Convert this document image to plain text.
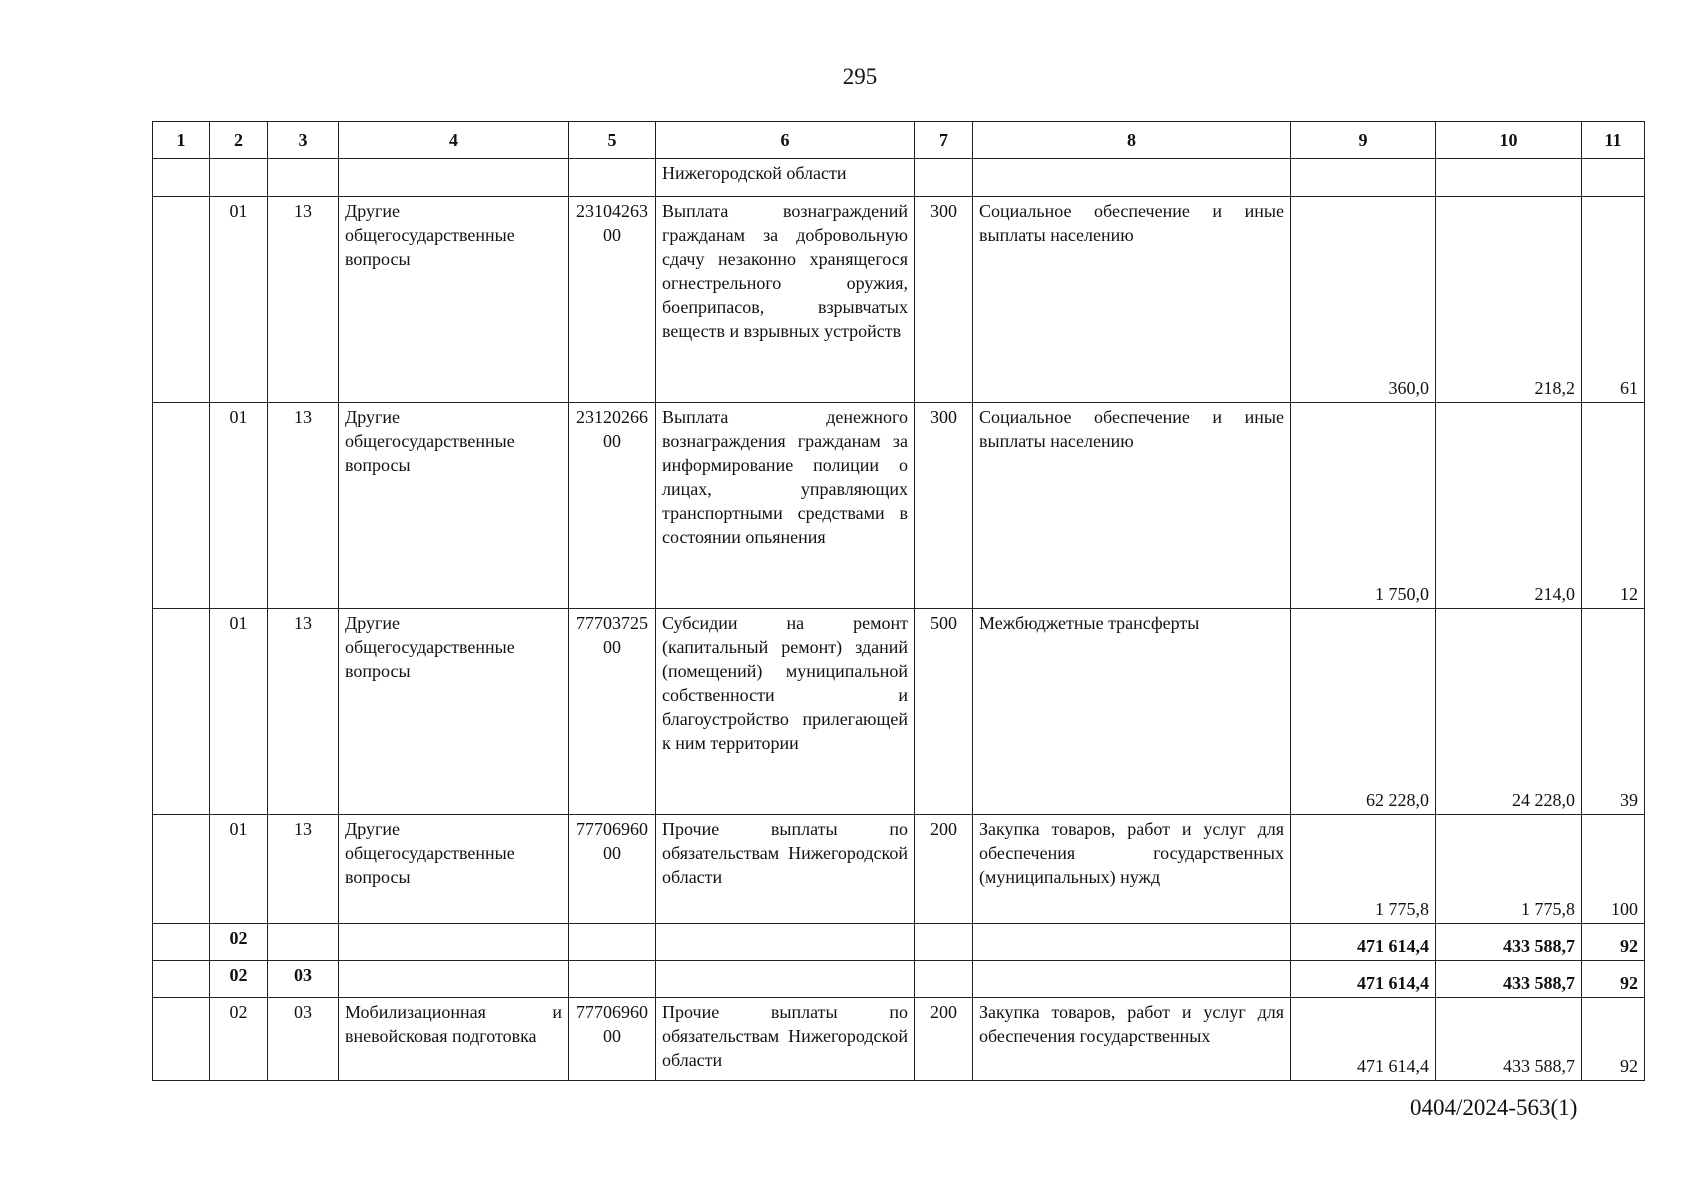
295
1	2	3	4	5	6	7	8	9	10	11
					Нижегородской области					
	01	13	Другие общегосударственные вопросы	2310426300	Выплата вознаграждений гражданам за добровольную сдачу незаконно хранящегося огнестрельного оружия, боеприпасов, взрывчатых веществ и взрывных устройств	300	Социальное обеспечение и иные выплаты населению	360,0	218,2	61
	01	13	Другие общегосударственные вопросы	2312026600	Выплата денежного вознаграждения гражданам за информирование полиции о лицах, управляющих транспортными средствами в состоянии опьянения	300	Социальное обеспечение и иные выплаты населению	1 750,0	214,0	12
	01	13	Другие общегосударственные вопросы	7770372500	Субсидии на ремонт (капитальный ремонт) зданий (помещений) муниципальной собственности и благоустройство прилегающей к ним территории	500	Межбюджетные трансферты	62 228,0	24 228,0	39
	01	13	Другие общегосударственные вопросы	7770696000	Прочие выплаты по обязательствам Нижегородской области	200	Закупка товаров, работ и услуг для обеспечения государственных (муниципальных) нужд	1 775,8	1 775,8	100
	02							471 614,4	433 588,7	92
	02	03						471 614,4	433 588,7	92
	02	03	Мобилизационная и вневойсковая подготовка	7770696000	Прочие выплаты по обязательствам Нижегородской области	200	Закупка товаров, работ и услуг для обеспечения государственных	471 614,4	433 588,7	92
0404/2024-563(1)
